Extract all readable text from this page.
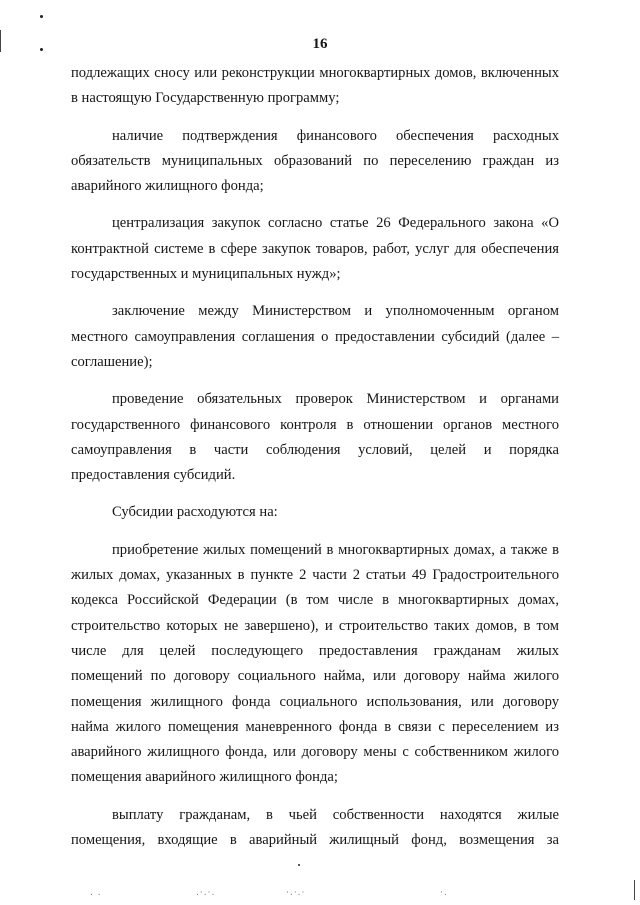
. .	.·.·.	·.·.·	·.
16

подлежащих сносу или реконструкции многоквартирных домов, включенных в настоящую Государственную программу;

наличие подтверждения финансового обеспечения расходных обязательств муниципальных образований по переселению граждан из аварийного жилищного фонда;

централизация закупок согласно статье 26 Федерального закона «О контрактной системе в сфере закупок товаров, работ, услуг для обеспечения государственных и муниципальных нужд»;

заключение между Министерством и уполномоченным органом местного самоуправления соглашения о предоставлении субсидий (далее – соглашение);

проведение обязательных проверок Министерством и органами государственного финансового контроля в отношении органов местного самоуправления в части соблюдения условий, целей и порядка предоставления субсидий.

Субсидии расходуются на:

приобретение жилых помещений в многоквартирных домах, а также в жилых домах, указанных в пункте 2 части 2 статьи 49 Градостроительного кодекса Российской Федерации (в том числе в многоквартирных домах, строительство которых не завершено), и строительство таких домов, в том числе для целей последующего предоставления гражданам жилых помещений по договору социального найма, или договору найма жилого помещения жилищного фонда социального использования, или договору найма жилого помещения маневренного фонда в связи с переселением из аварийного жилищного фонда, или договору мены с собственником жилого помещения аварийного жилищного фонда;

выплату гражданам, в чьей собственности находятся жилые помещения, входящие в аварийный жилищный фонд, возмещения за
